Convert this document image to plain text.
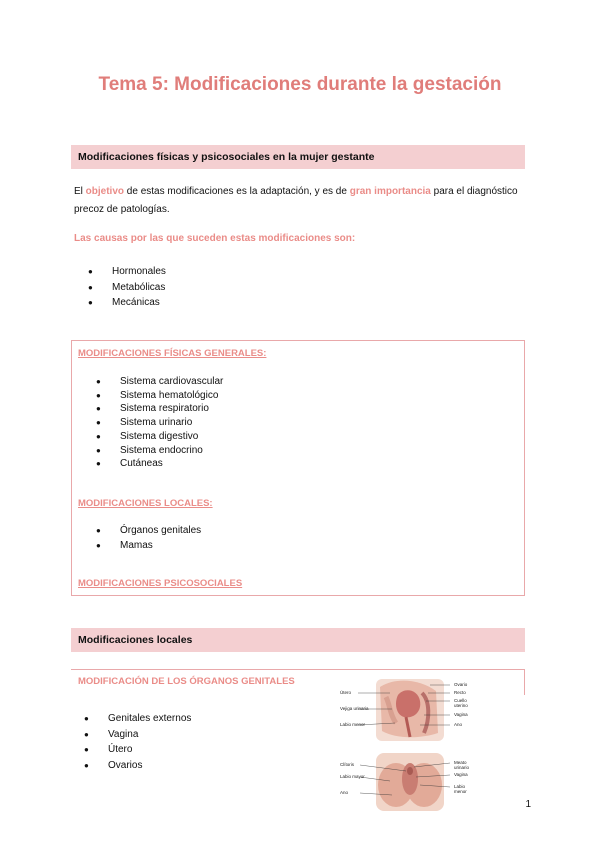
Tema 5: Modificaciones durante la gestación
Modificaciones físicas y psicosociales en la mujer gestante
El objetivo de estas modificaciones es la adaptación, y es de gran importancia para el diagnóstico
precoz de patologías.
Las causas por las que suceden estas modificaciones son:
● Hormonales
● Metabólicas
● Mecánicas
MODIFICACIONES FÍSICAS GENERALES:
● Sistema cardiovascular
● Sistema hematológico
● Sistema respiratorio
● Sistema urinario
● Sistema digestivo
● Sistema endocrino
● Cutáneas
MODIFICACIONES LOCALES:
● Órganos genitales
● Mamas
MODIFICACIONES PSICOSOCIALES
Modificaciones locales
MODIFICACIÓN DE LOS ÓRGANOS GENITALES
● Genitales externos
● Vagina
● Útero
● Ovarios
Ovario
Recto
Cuello uterino
Vagina
Ano
Útero
Vejiga urinaria
Labio menor
Meato urinario
Vagina
Labio menor
Clítoris
Labio mayor
Ano
1
